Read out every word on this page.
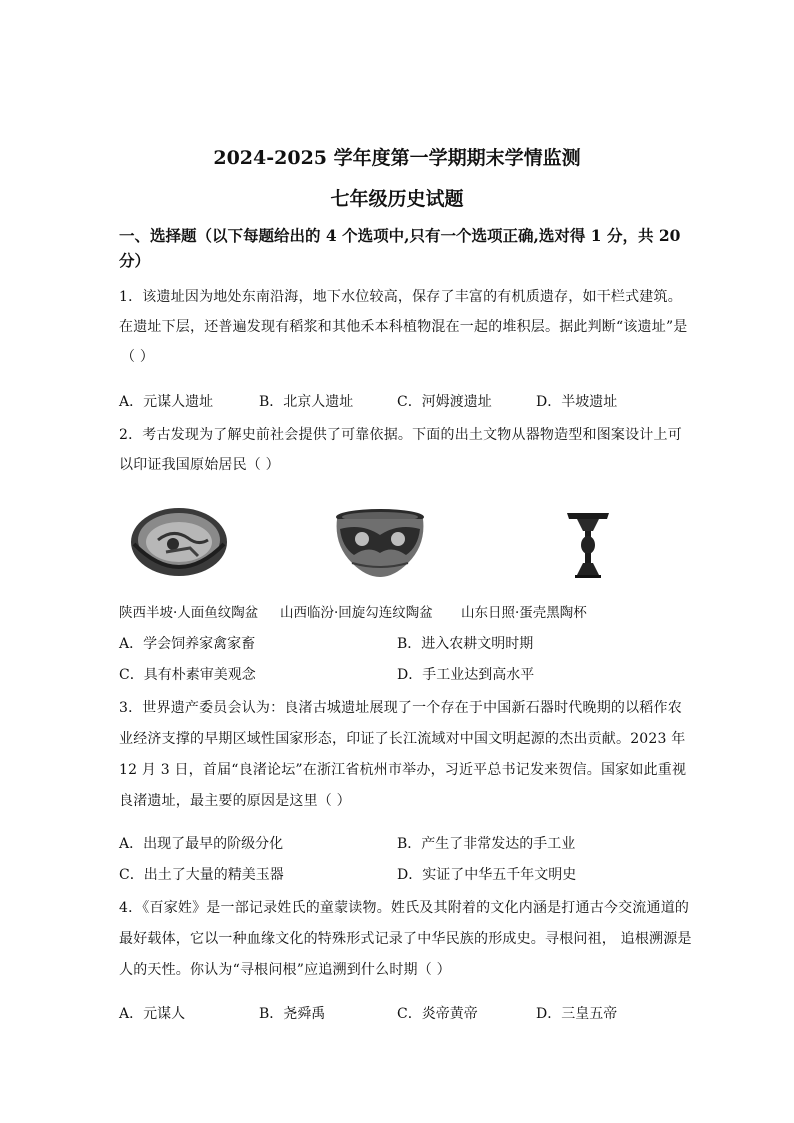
2024-2025 学年度第一学期期末学情监测
七年级历史试题
一、选择题（以下每题给出的 4 个选项中,只有一个选项正确,选对得 1 分，共 20
分）
1．该遗址因为地处东南沿海，地下水位较高，保存了丰富的有机质遗存，如干栏式建筑。
在遗址下层，还普遍发现有稻浆和其他禾本科植物混在一起的堆积层。据此判断“该遗址”是
（ ）
A．元谋人遗址	B．北京人遗址	C．河姆渡遗址	D．半坡遗址
2．考古发现为了解史前社会提供了可靠依据。下面的出土文物从器物造型和图案设计上可
以印证我国原始居民（ ）
陕西半坡·人面鱼纹陶盆 山西临汾·回旋勾连纹陶盆 山东日照·蛋壳黑陶杯
A．学会饲养家禽家畜	B．进入农耕文明时期
C．具有朴素审美观念	D．手工业达到高水平
3．世界遗产委员会认为：良渚古城遗址展现了一个存在于中国新石器时代晚期的以稻作农
业经济支撑的早期区域性国家形态，印证了长江流域对中国文明起源的杰出贡献。2023 年
12 月 3 日，首届“良渚论坛”在浙江省杭州市举办，习近平总书记发来贺信。国家如此重视
良渚遗址，最主要的原因是这里（ ）
A．出现了最早的阶级分化	B．产生了非常发达的手工业
C．出土了大量的精美玉器	D．实证了中华五千年文明史
4．《百家姓》是一部记录姓氏的童蒙读物。姓氏及其附着的文化内涵是打通古今交流通道的
最好载体，它以一种血缘文化的特殊形式记录了中华民族的形成史。寻根问祖， 追根溯源是
人的天性。你认为“寻根问根”应追溯到什么时期（ ）
A．元谋人	B．尧舜禹	C．炎帝黄帝	D．三皇五帝
